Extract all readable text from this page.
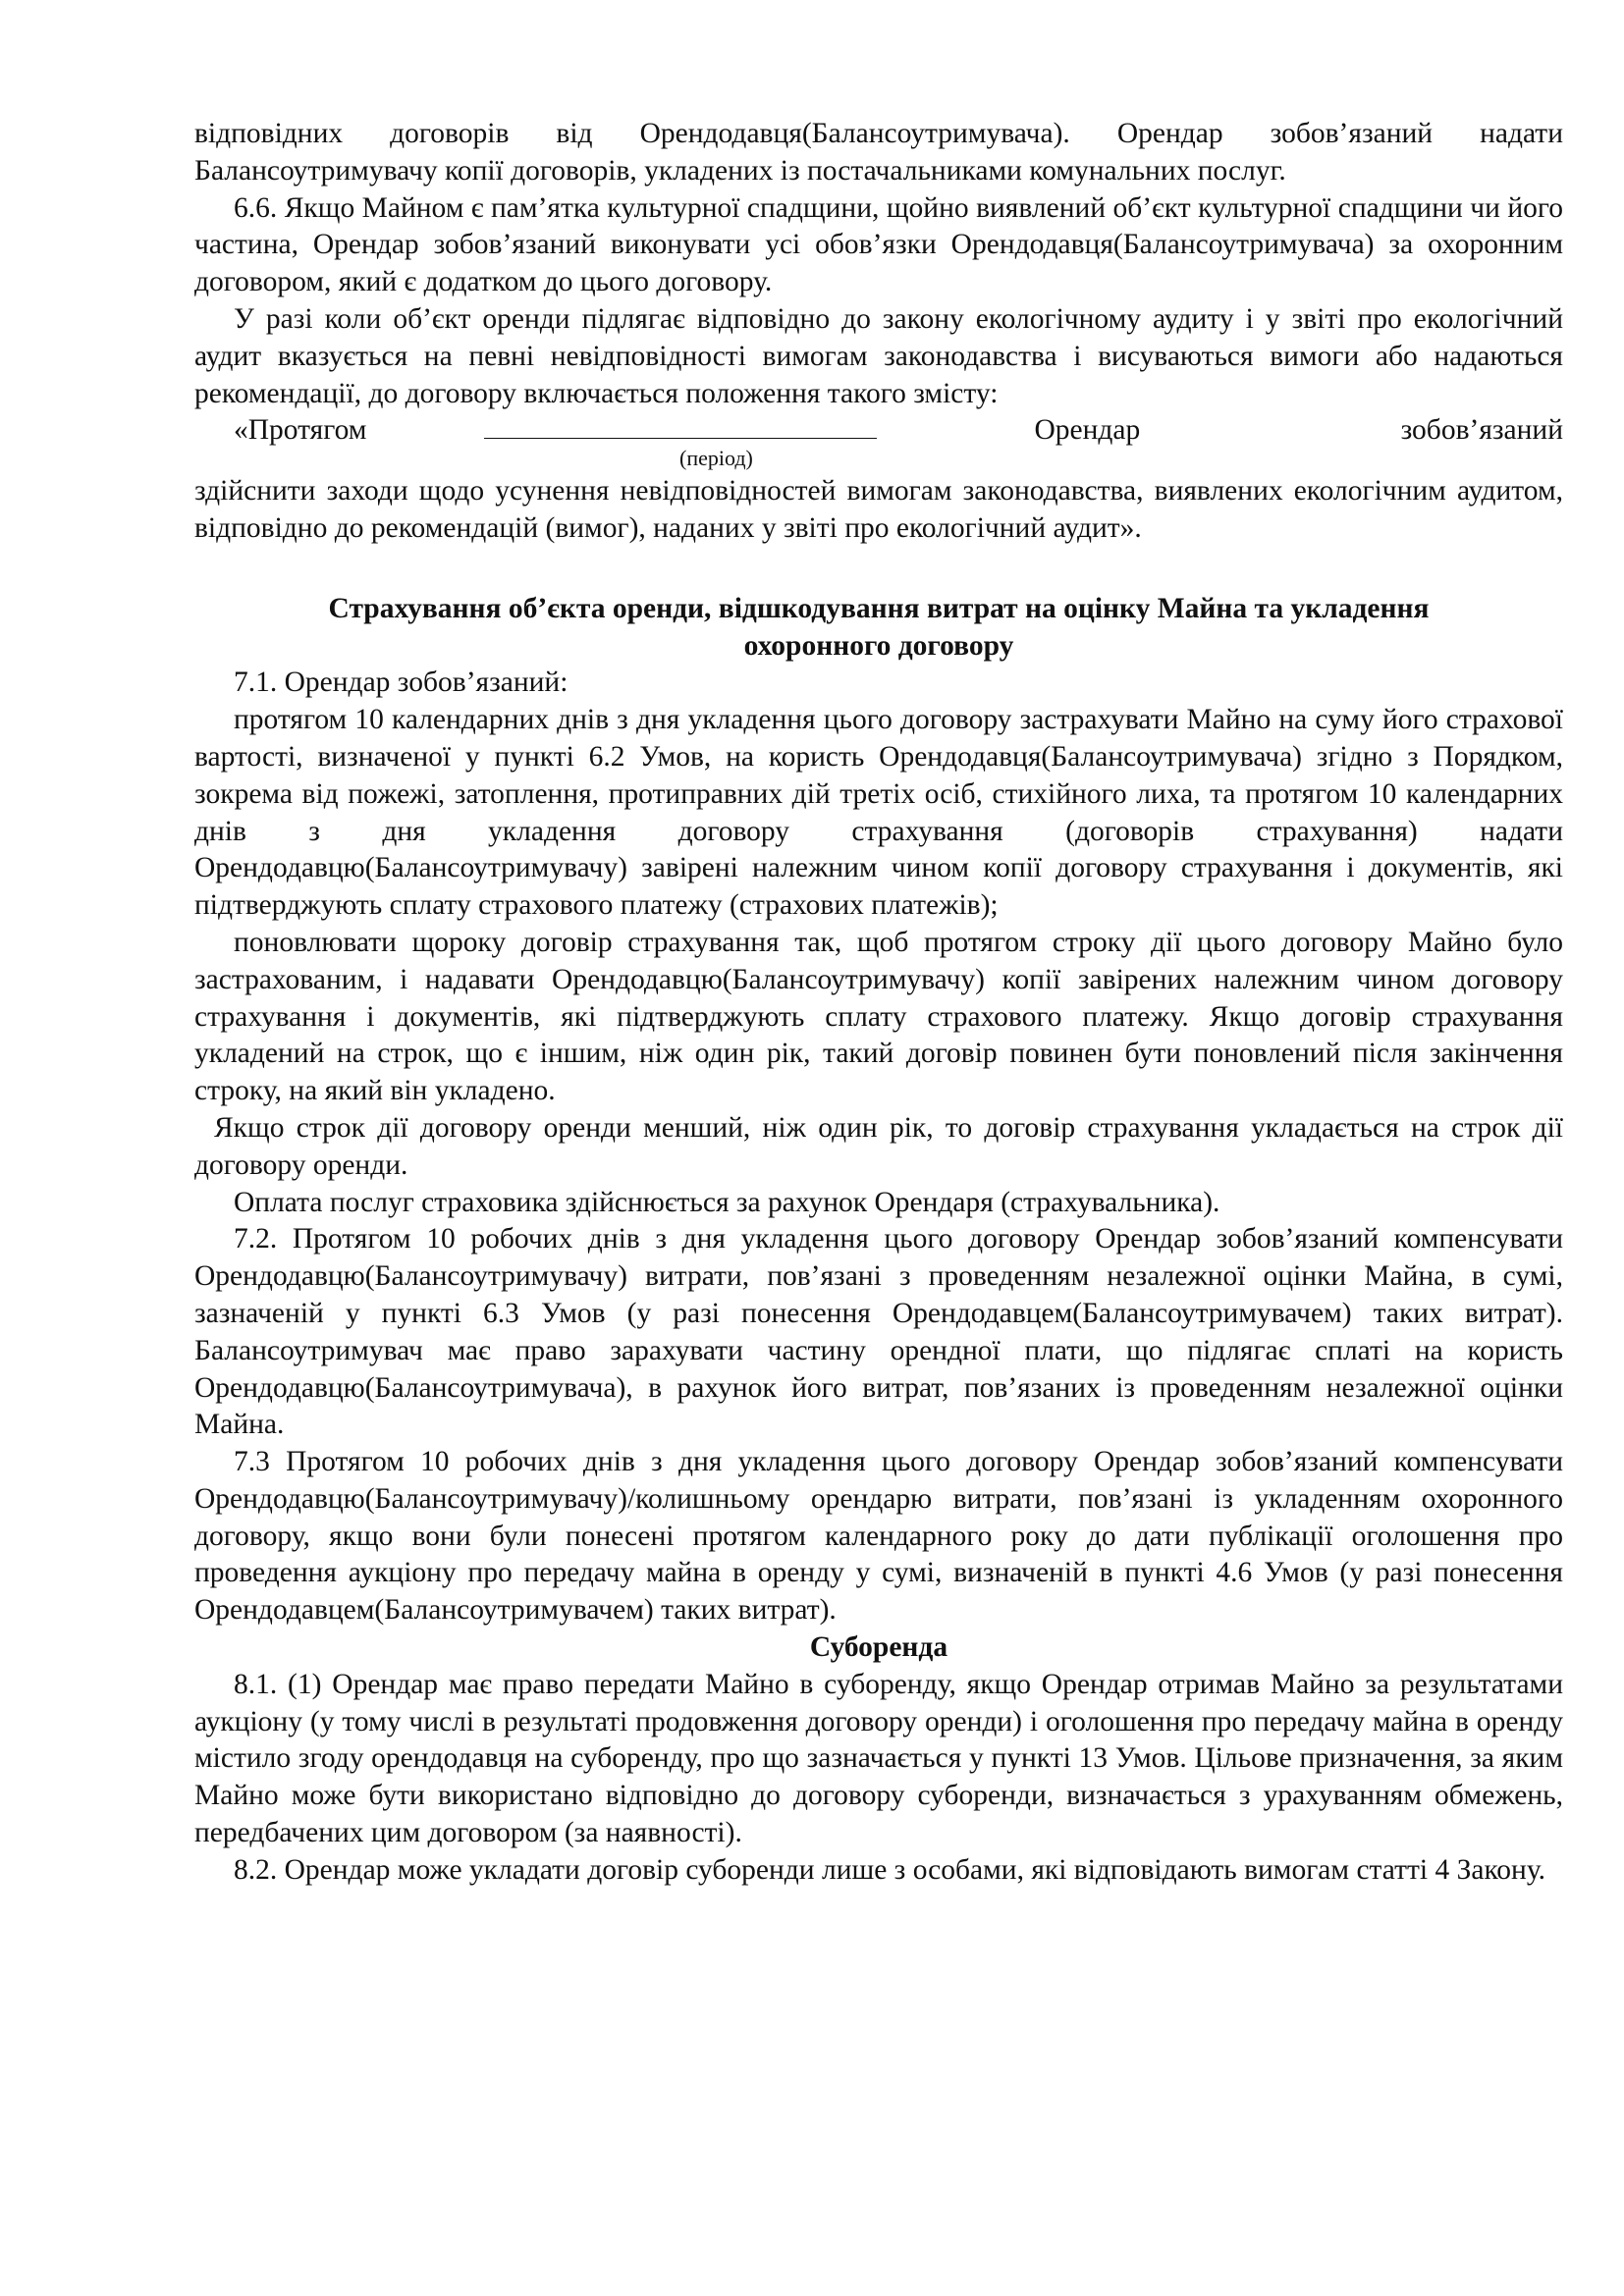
відповідних договорів від Орендодавця(Балансоутримувача). Орендар зобов’язаний надати Балансоутримувачу копії договорів, укладених із постачальниками комунальних послуг.

6.6. Якщо Майном є пам’ятка культурної спадщини, щойно виявлений об’єкт культурної спадщини чи його частина, Орендар зобов’язаний виконувати усі обов’язки Орендодавця(Балансоутримувача) за охоронним договором, який є додатком до цього договору.

У разі коли об’єкт оренди підлягає відповідно до закону екологічному аудиту і у звіті про екологічний аудит вказується на певні невідповідності вимогам законодавства і висуваються вимоги або надаються рекомендації, до договору включається положення такого змісту:

«Протягом	Орендар	зобов’язаний
(період)

здійснити заходи щодо усунення невідповідностей вимогам законодавства, виявлених екологічним аудитом, відповідно до рекомендацій (вимог), наданих у звіті про екологічний аудит».

Страхування об’єкта оренди, відшкодування витрат на оцінку Майна та укладення
охоронного договору

7.1. Орендар зобов’язаний:

протягом 10 календарних днів з дня укладення цього договору застрахувати Майно на суму його страхової вартості, визначеної у пункті 6.2 Умов, на користь Орендодавця(Балансоутримувача) згідно з Порядком, зокрема від пожежі, затоплення, протиправних дій третіх осіб, стихійного лиха, та протягом 10 календарних днів з дня укладення договору страхування (договорів страхування) надати Орендодавцю(Балансоутримувачу) завірені належним чином копії договору страхування і документів, які підтверджують сплату страхового платежу (страхових платежів);

поновлювати щороку договір страхування так, щоб протягом строку дії цього договору Майно було застрахованим, і надавати Орендодавцю(Балансоутримувачу) копії завірених належним чином договору страхування і документів, які підтверджують сплату страхового платежу. Якщо договір страхування укладений на строк, що є іншим, ніж один рік, такий договір повинен бути поновлений після закінчення строку, на який він укладено.

Якщо строк дії договору оренди менший, ніж один рік, то договір страхування укладається на строк дії договору оренди.

Оплата послуг страховика здійснюється за рахунок Орендаря (страхувальника).

7.2. Протягом 10 робочих днів з дня укладення цього договору Орендар зобов’язаний компенсувати Орендодавцю(Балансоутримувачу) витрати, пов’язані з проведенням незалежної оцінки Майна, в сумі, зазначеній у пункті 6.3 Умов (у разі понесення Орендодавцем(Балансоутримувачем) таких витрат). Балансоутримувач має право зарахувати частину орендної плати, що підлягає сплаті на користь Орендодавцю(Балансоутримувача), в рахунок його витрат, пов’язаних із проведенням незалежної оцінки Майна.

7.3 Протягом 10 робочих днів з дня укладення цього договору Орендар зобов’язаний компенсувати Орендодавцю(Балансоутримувачу)/колишньому орендарю витрати, пов’язані із укладенням охоронного договору, якщо вони були понесені протягом календарного року до дати публікації оголошення про проведення аукціону про передачу майна в оренду у сумі, визначеній в пункті 4.6 Умов (у разі понесення Орендодавцем(Балансоутримувачем) таких витрат).

Суборенда

8.1. (1) Орендар має право передати Майно в суборенду, якщо Орендар отримав Майно за результатами аукціону (у тому числі в результаті продовження договору оренди) і оголошення про передачу майна в оренду містило згоду орендодавця на суборенду, про що зазначається у пункті 13 Умов. Цільове призначення, за яким Майно може бути використано відповідно до договору суборенди, визначається з урахуванням обмежень, передбачених цим договором (за наявності).

8.2. Орендар може укладати договір суборенди лише з особами, які відповідають вимогам статті 4 Закону.
